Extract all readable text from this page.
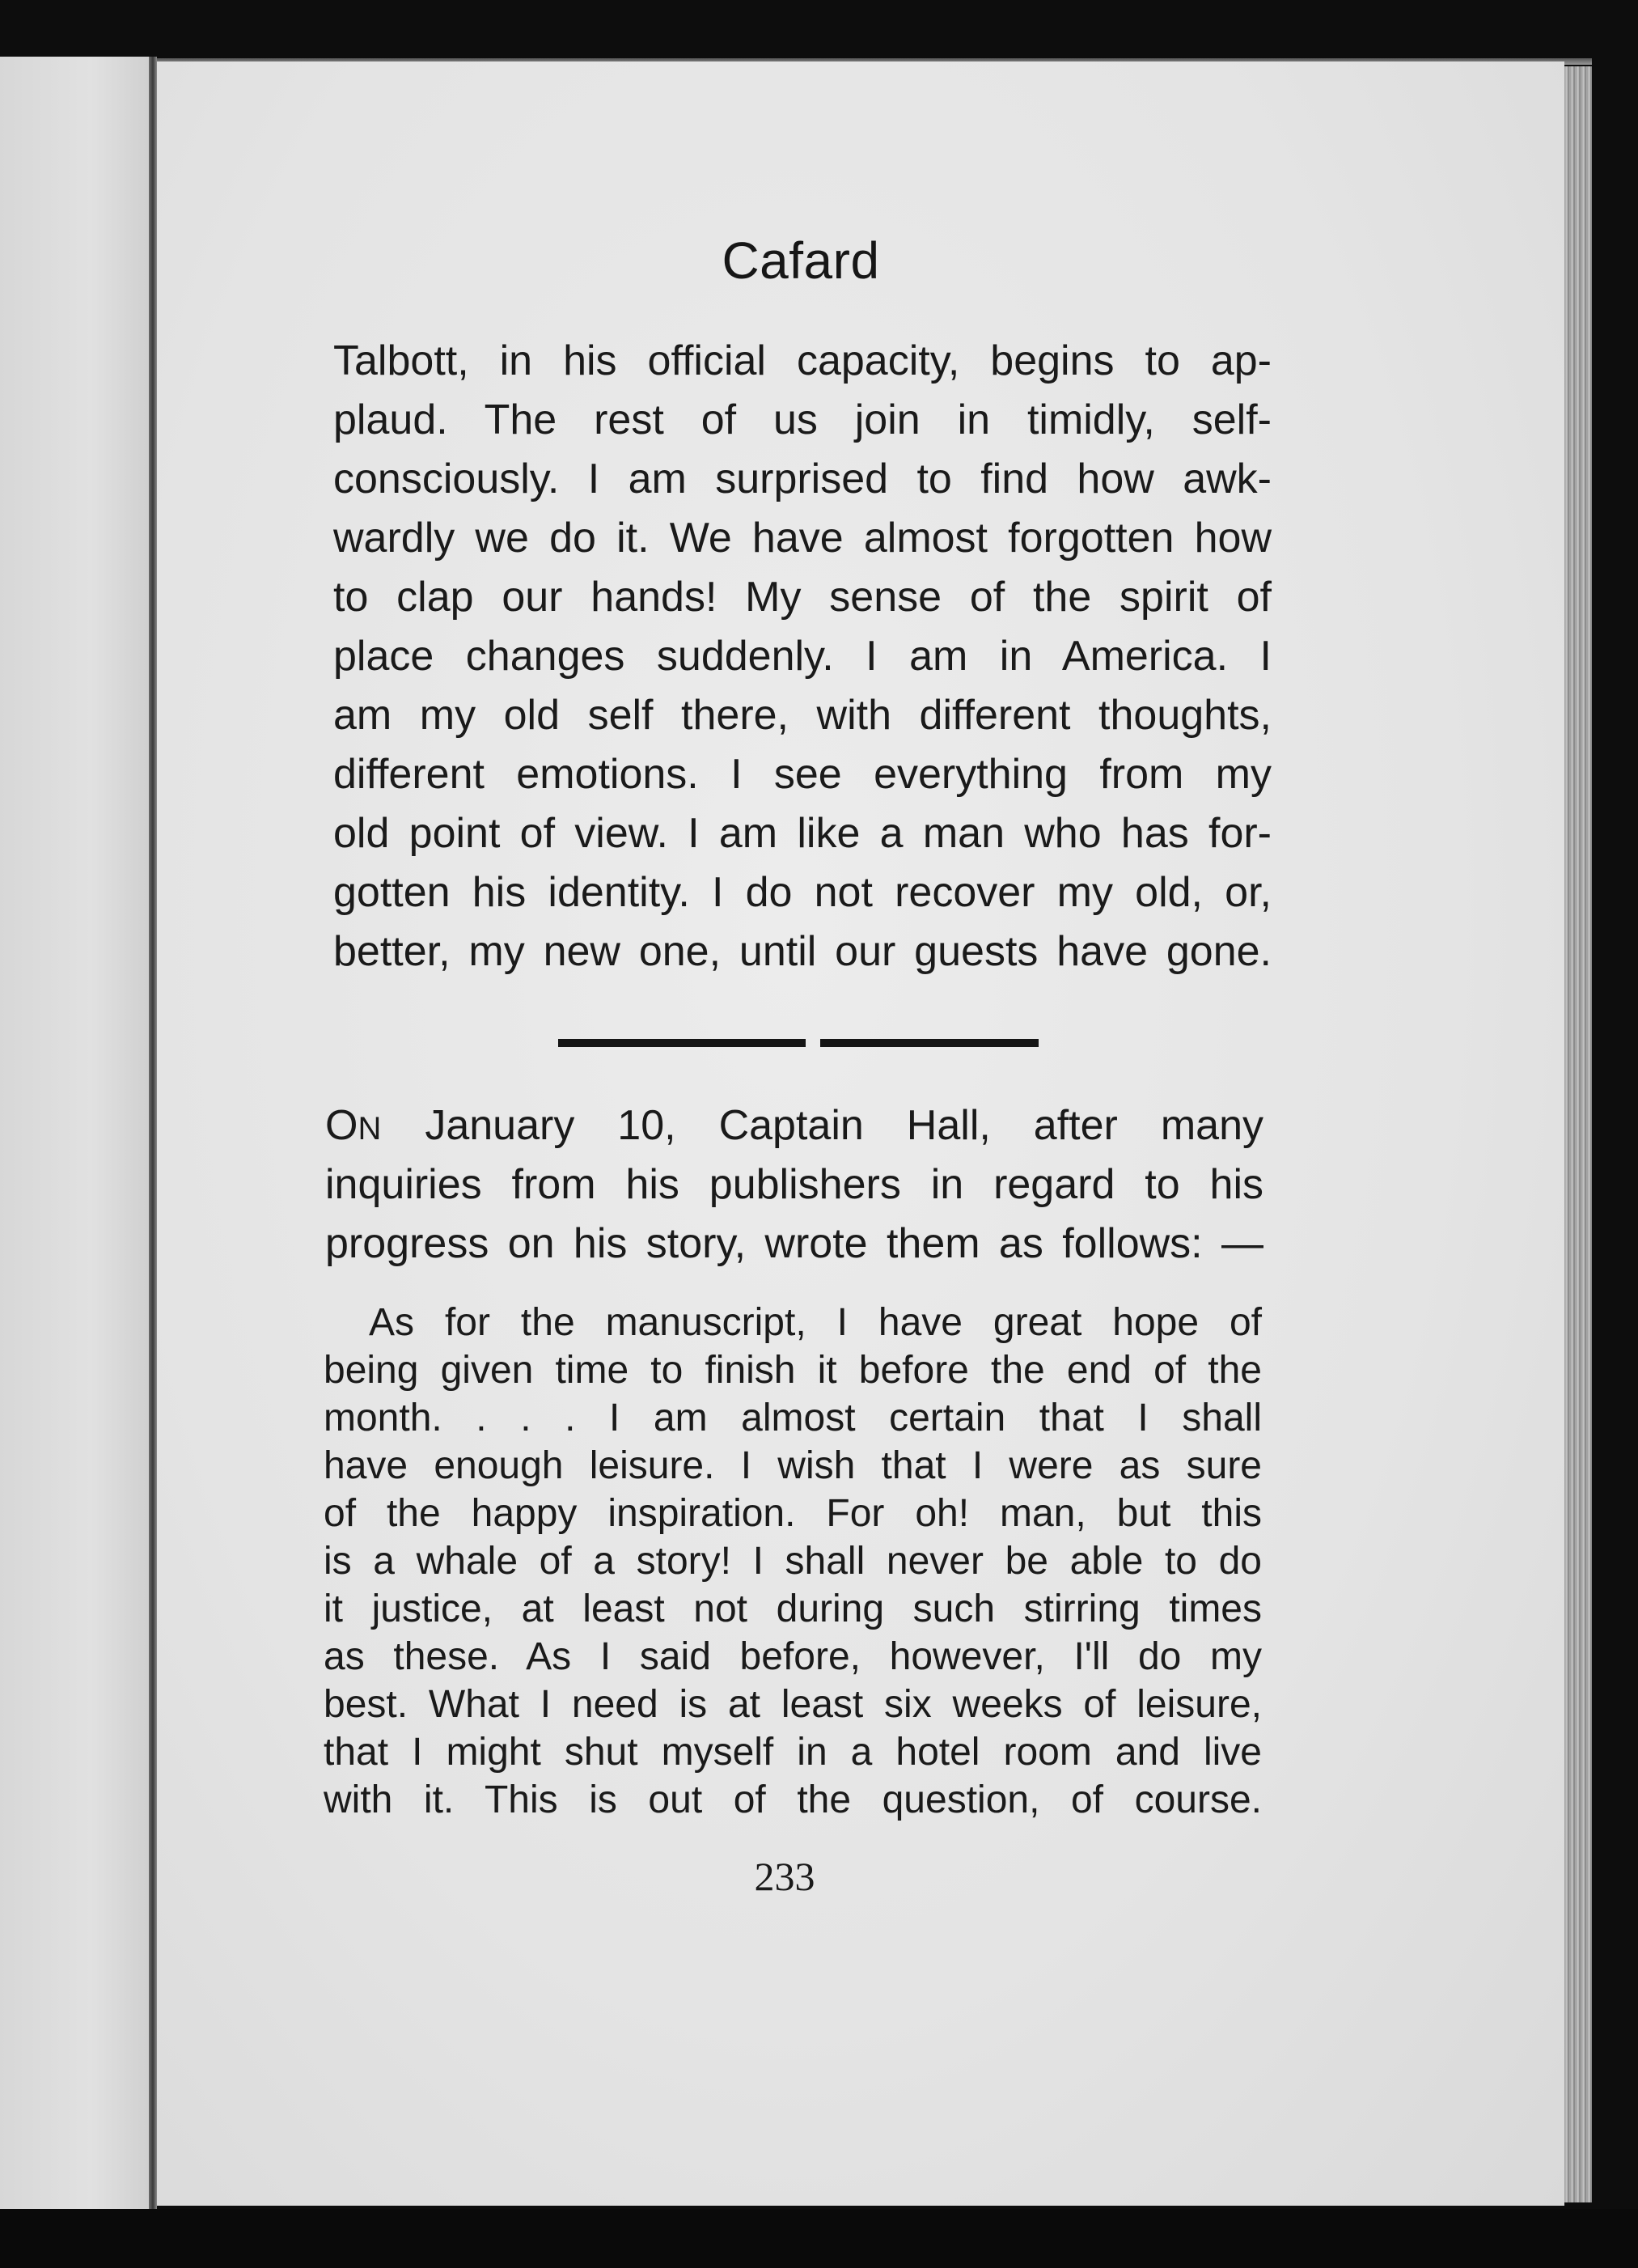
Cafard
Talbott, in his official capacity, begins to ap-
plaud. The rest of us join in timidly, self-
consciously. I am surprised to find how awk-
wardly we do it. We have almost forgotten how
to clap our hands! My sense of the spirit of
place changes suddenly. I am in America. I
am my old self there, with different thoughts,
different emotions. I see everything from my
old point of view. I am like a man who has for-
gotten his identity. I do not recover my old, or,
better, my new one, until our guests have gone.
ON January 10, Captain Hall, after many
inquiries from his publishers in regard to his
progress on his story, wrote them as follows: —
As for the manuscript, I have great hope of
being given time to finish it before the end of the
month. . . . I am almost certain that I shall
have enough leisure. I wish that I were as sure
of the happy inspiration. For oh! man, but this
is a whale of a story! I shall never be able to do
it justice, at least not during such stirring times
as these. As I said before, however, I'll do my
best. What I need is at least six weeks of leisure,
that I might shut myself in a hotel room and live
with it. This is out of the question, of course.
233
